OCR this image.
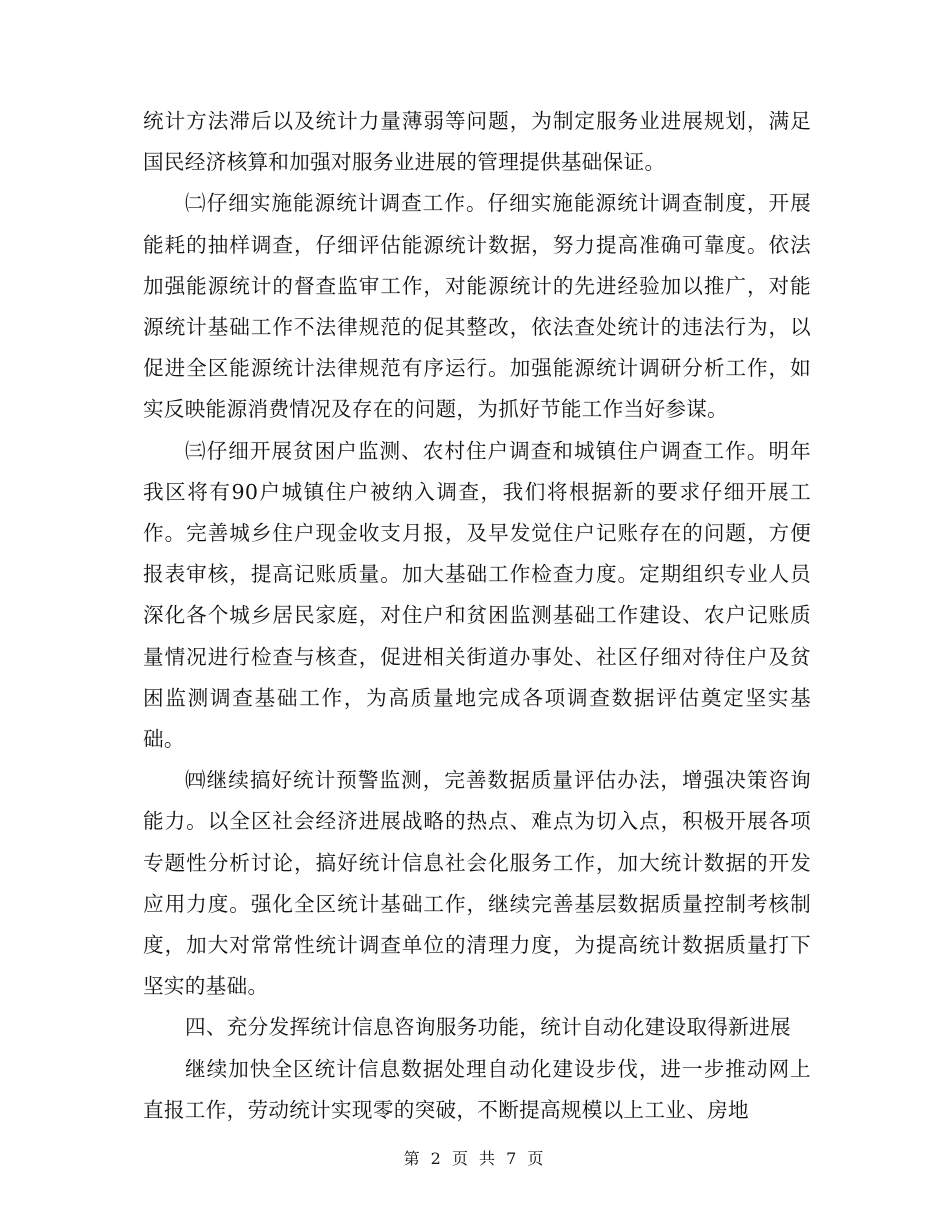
统计方法滞后以及统计力量薄弱等问题，为制定服务业进展规划，满足国民经济核算和加强对服务业进展的管理提供基础保证。

㈡仔细实施能源统计调查工作。仔细实施能源统计调查制度，开展能耗的抽样调查，仔细评估能源统计数据，努力提高准确可靠度。依法加强能源统计的督查监审工作，对能源统计的先进经验加以推广，对能源统计基础工作不法律规范的促其整改，依法查处统计的违法行为，以促进全区能源统计法律规范有序运行。加强能源统计调研分析工作，如实反映能源消费情况及存在的问题，为抓好节能工作当好参谋。

㈢仔细开展贫困户监测、农村住户调查和城镇住户调查工作。明年我区将有90户城镇住户被纳入调查，我们将根据新的要求仔细开展工作。完善城乡住户现金收支月报，及早发觉住户记账存在的问题，方便报表审核，提高记账质量。加大基础工作检查力度。定期组织专业人员深化各个城乡居民家庭，对住户和贫困监测基础工作建设、农户记账质量情况进行检查与核查，促进相关街道办事处、社区仔细对待住户及贫困监测调查基础工作，为高质量地完成各项调查数据评估奠定坚实基础。

㈣继续搞好统计预警监测，完善数据质量评估办法，增强决策咨询能力。以全区社会经济进展战略的热点、难点为切入点，积极开展各项专题性分析讨论，搞好统计信息社会化服务工作，加大统计数据的开发应用力度。强化全区统计基础工作，继续完善基层数据质量控制考核制度，加大对常常性统计调查单位的清理力度，为提高统计数据质量打下坚实的基础。

四、充分发挥统计信息咨询服务功能，统计自动化建设取得新进展

继续加快全区统计信息数据处理自动化建设步伐，进一步推动网上直报工作，劳动统计实现零的突破，不断提高规模以上工业、房地

第 2 页 共 7 页
